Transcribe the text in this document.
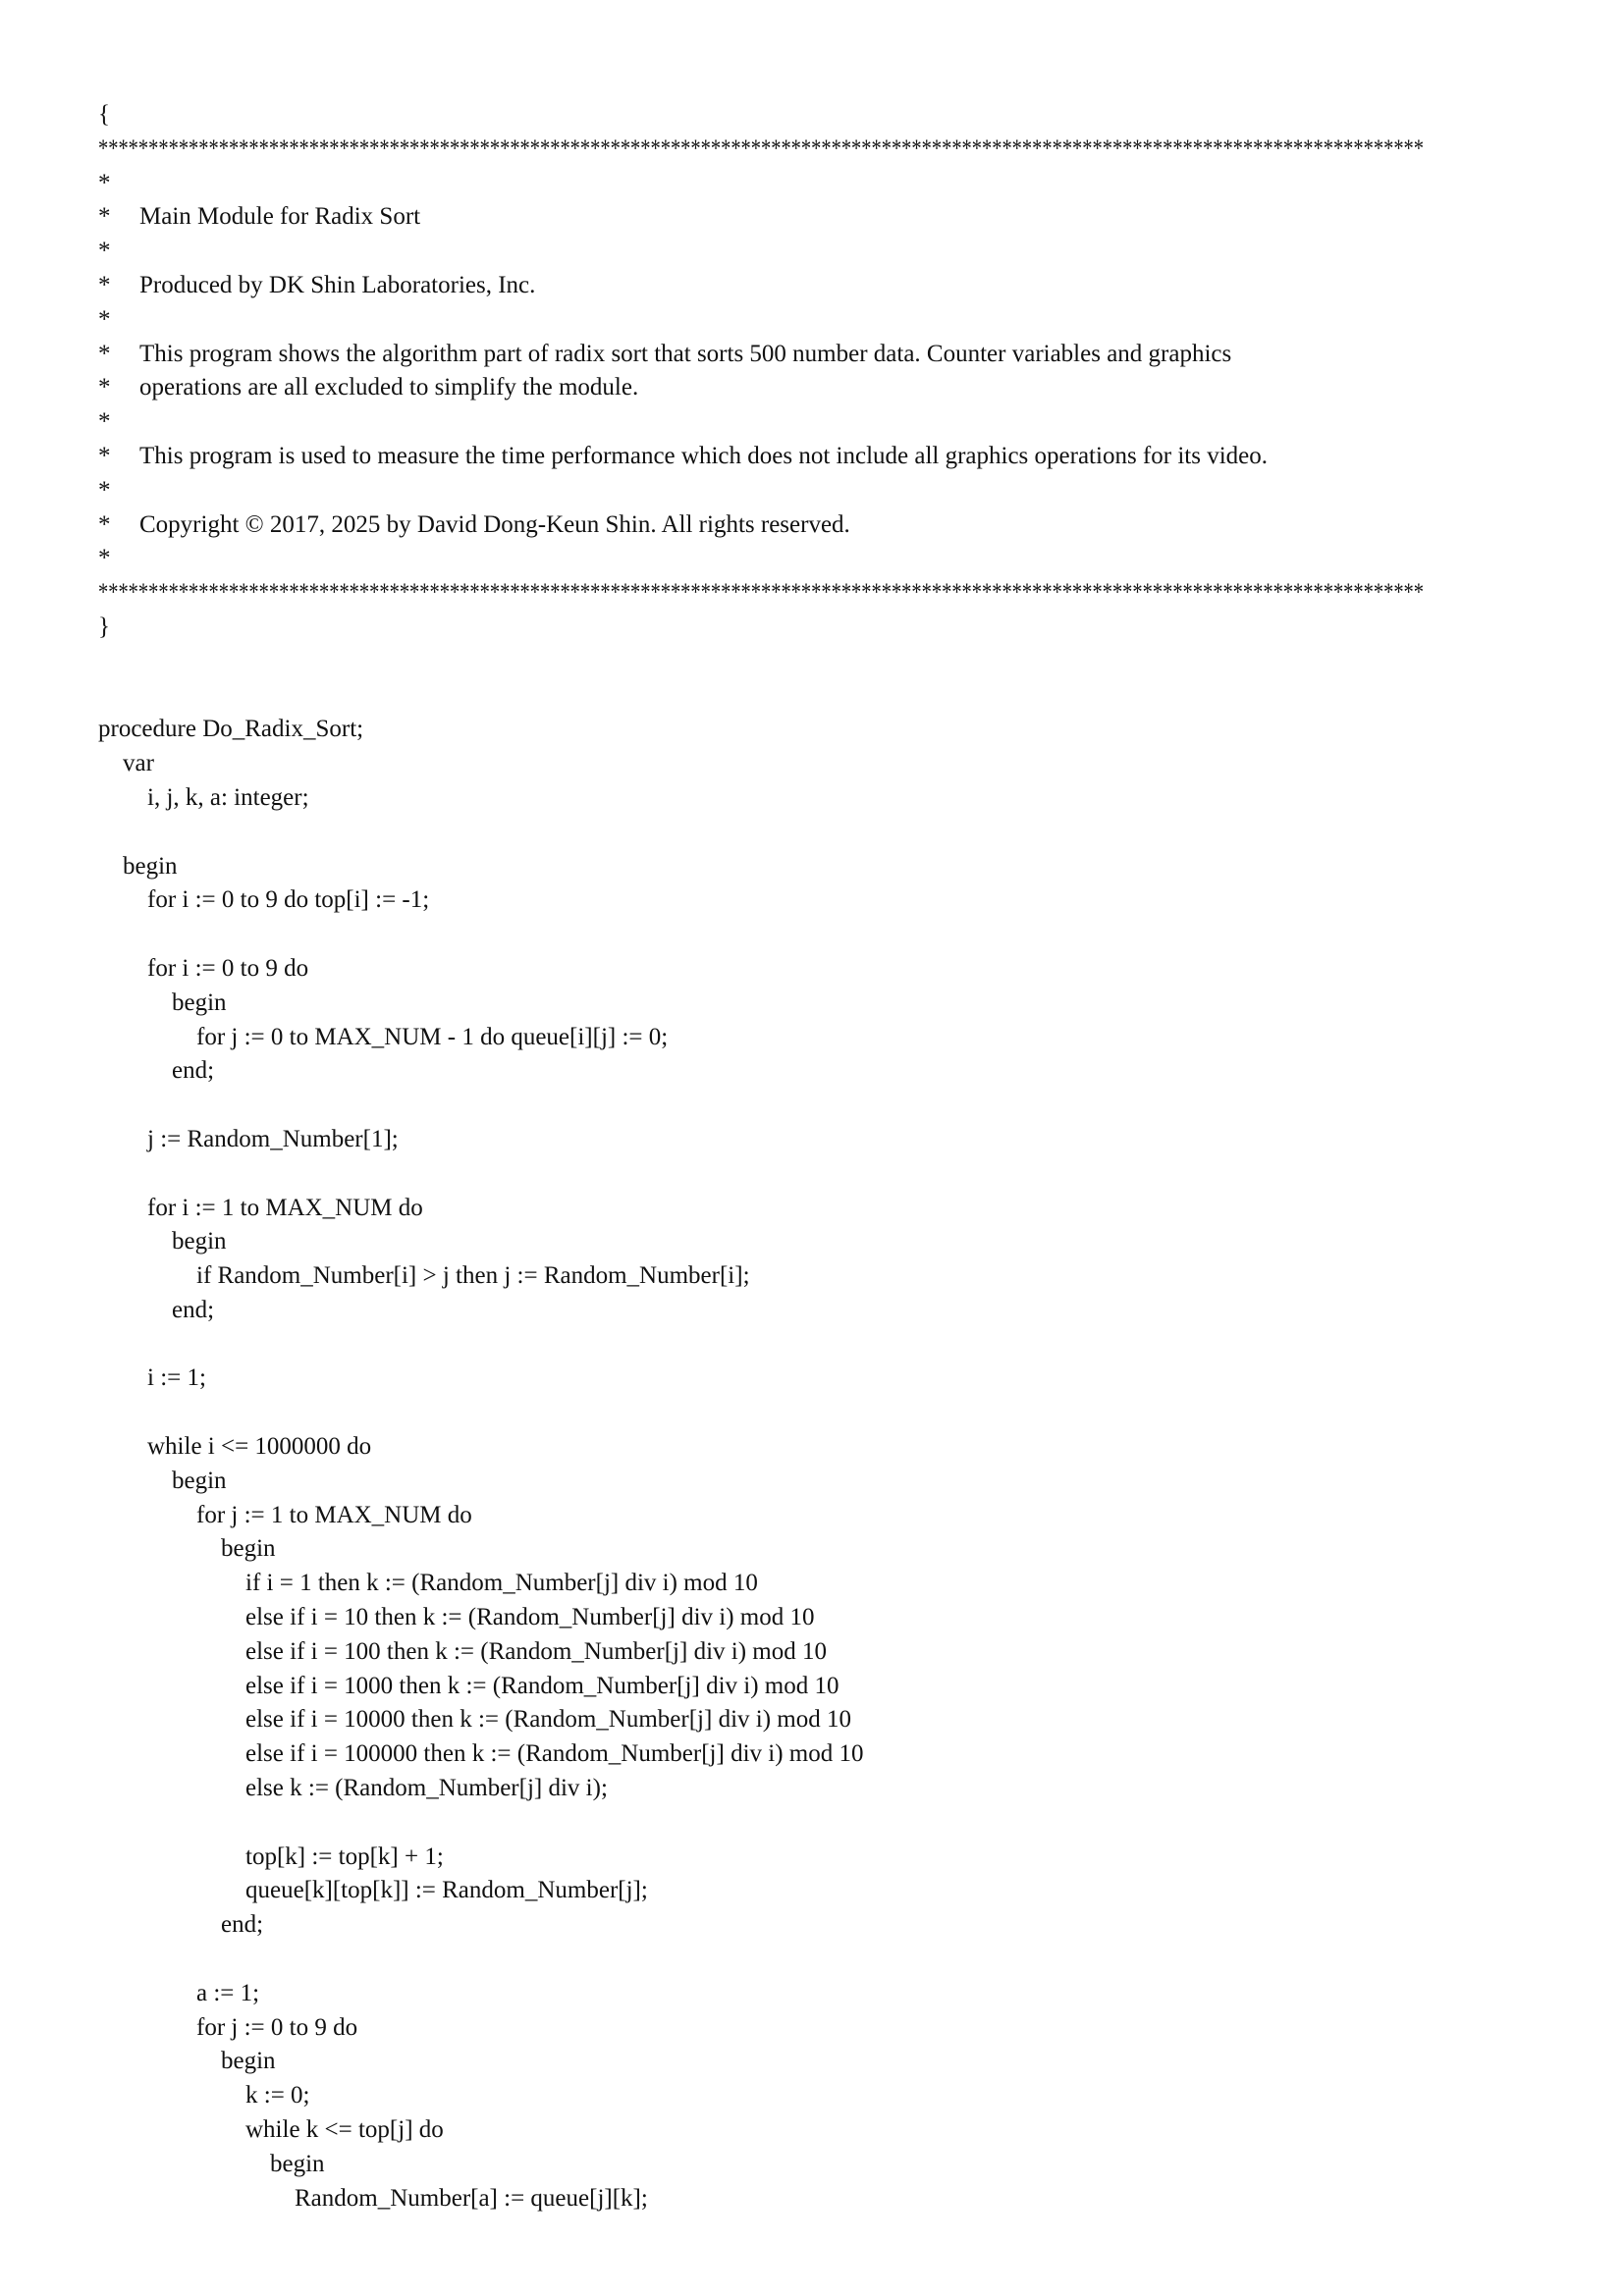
{
************************************************************************************************************************************
*
* Main Module for Radix Sort
*
* Produced by DK Shin Laboratories, Inc.
*
* This program shows the algorithm part of radix sort that sorts 500 number data. Counter variables and graphics
* operations are all excluded to simplify the module.
*
* This program is used to measure the time performance which does not include all graphics operations for its video.
*
* Copyright © 2017, 2025 by David Dong-Keun Shin. All rights reserved.
*
************************************************************************************************************************************
}
procedure Do_Radix_Sort;
var
i, j, k, a: integer;
begin
for i := 0 to 9 do top[i] := -1;
for i := 0 to 9 do
begin
for j := 0 to MAX_NUM - 1 do queue[i][j] := 0;
end;
j := Random_Number[1];
for i := 1 to MAX_NUM do
begin
if Random_Number[i] > j then j := Random_Number[i];
end;
i := 1;
while i <= 1000000 do
begin
for j := 1 to MAX_NUM do
begin
if i = 1 then k := (Random_Number[j] div i) mod 10
else if i = 10 then k := (Random_Number[j] div i) mod 10
else if i = 100 then k := (Random_Number[j] div i) mod 10
else if i = 1000 then k := (Random_Number[j] div i) mod 10
else if i = 10000 then k := (Random_Number[j] div i) mod 10
else if i = 100000 then k := (Random_Number[j] div i) mod 10
else k := (Random_Number[j] div i);
top[k] := top[k] + 1;
queue[k][top[k]] := Random_Number[j];
end;
a := 1;
for j := 0 to 9 do
begin
k := 0;
while k <= top[j] do
begin
Random_Number[a] := queue[j][k];
